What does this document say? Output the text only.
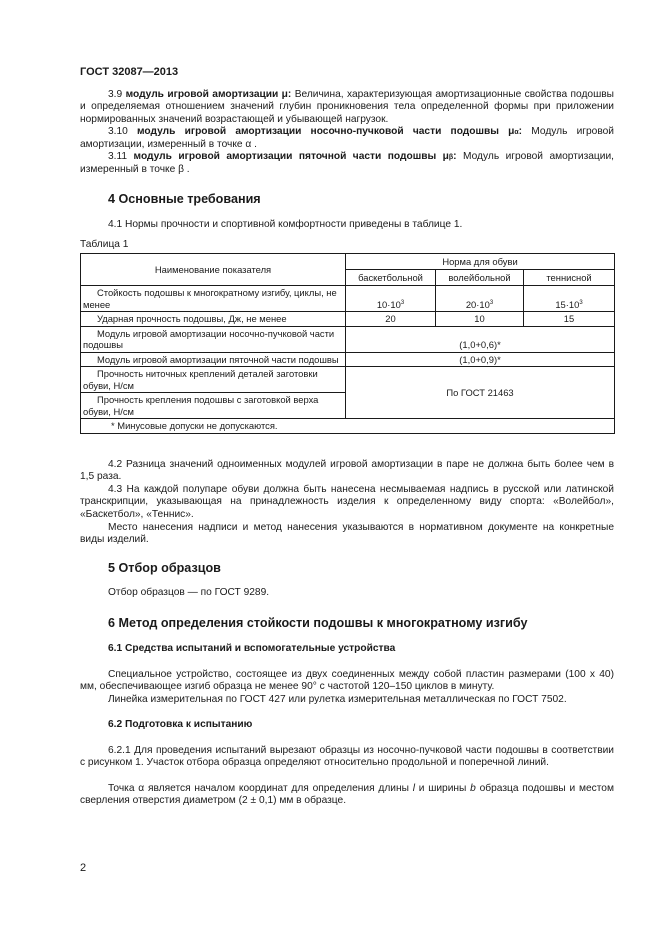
ГОСТ 32087—2013
3.9 модуль игровой амортизации μ: Величина, характеризующая амортизационные свойства подошвы и определяемая отношением значений глубин проникновения тела определенной формы при приложении нормированных значений возрастающей и убывающей нагрузок.
3.10 модуль игровой амортизации носочно-пучковой части подошвы μα: Модуль игровой амортизации, измеренный в точке α .
3.11 модуль игровой амортизации пяточной части подошвы μβ: Модуль игровой амортизации, измеренный в точке β .
4 Основные требования
4.1 Нормы прочности и спортивной комфортности приведены в таблице 1.
Таблица 1
Наименование показателя	Норма для обуви		
	баскетбольной	волейбольной	теннисной
Стойкость подошвы к многократному изгибу, циклы, не менее	$10\cdot 10^3$	$20\cdot 10^3$	$15\cdot 10^3$
Ударная прочность подошвы, Дж, не менее	20	10	15
Модуль игровой амортизации носочно-пучковой части подошвы	(1,0+0,6)*		
Модуль игровой амортизации пяточной части подошвы	(1,0+0,9)*		
Прочность ниточных креплений деталей заготовки обуви, Н/см	По ГОСТ 21463		
Прочность крепления подошвы с заготовкой верха обуви, Н/см			
* Минусовые допуски не допускаются.			
4.2 Разница значений одноименных модулей игровой амортизации в паре не должна быть более чем в 1,5 раза.
4.3 На каждой полупаре обуви должна быть нанесена несмываемая надпись в русской или латинской транскрипции, указывающая на принадлежность изделия к определенному виду спорта: «Волейбол», «Баскетбол», «Теннис».
Место нанесения надписи и метод нанесения указываются в нормативном документе на конкретные виды изделий.
5 Отбор образцов
Отбор образцов — по ГОСТ 9289.
6 Метод определения стойкости подошвы к многократному изгибу
6.1 Средства испытаний и вспомогательные устройства
Специальное устройство, состоящее из двух соединенных между собой пластин размерами (100 х 40) мм, обеспечивающее изгиб образца не менее 90° с частотой 120–150 циклов в минуту.
Линейка измерительная по ГОСТ 427 или рулетка измерительная металлическая по ГОСТ 7502.
6.2 Подготовка к испытанию
6.2.1 Для проведения испытаний вырезают образцы из носочно-пучковой части подошвы в соответствии с рисунком 1. Участок отбора образца определяют относительно продольной и поперечной линий.
Точка α является началом координат для определения длины l и ширины b образца подошвы и местом сверления отверстия диаметром (2 ± 0,1) мм в образце.
2
